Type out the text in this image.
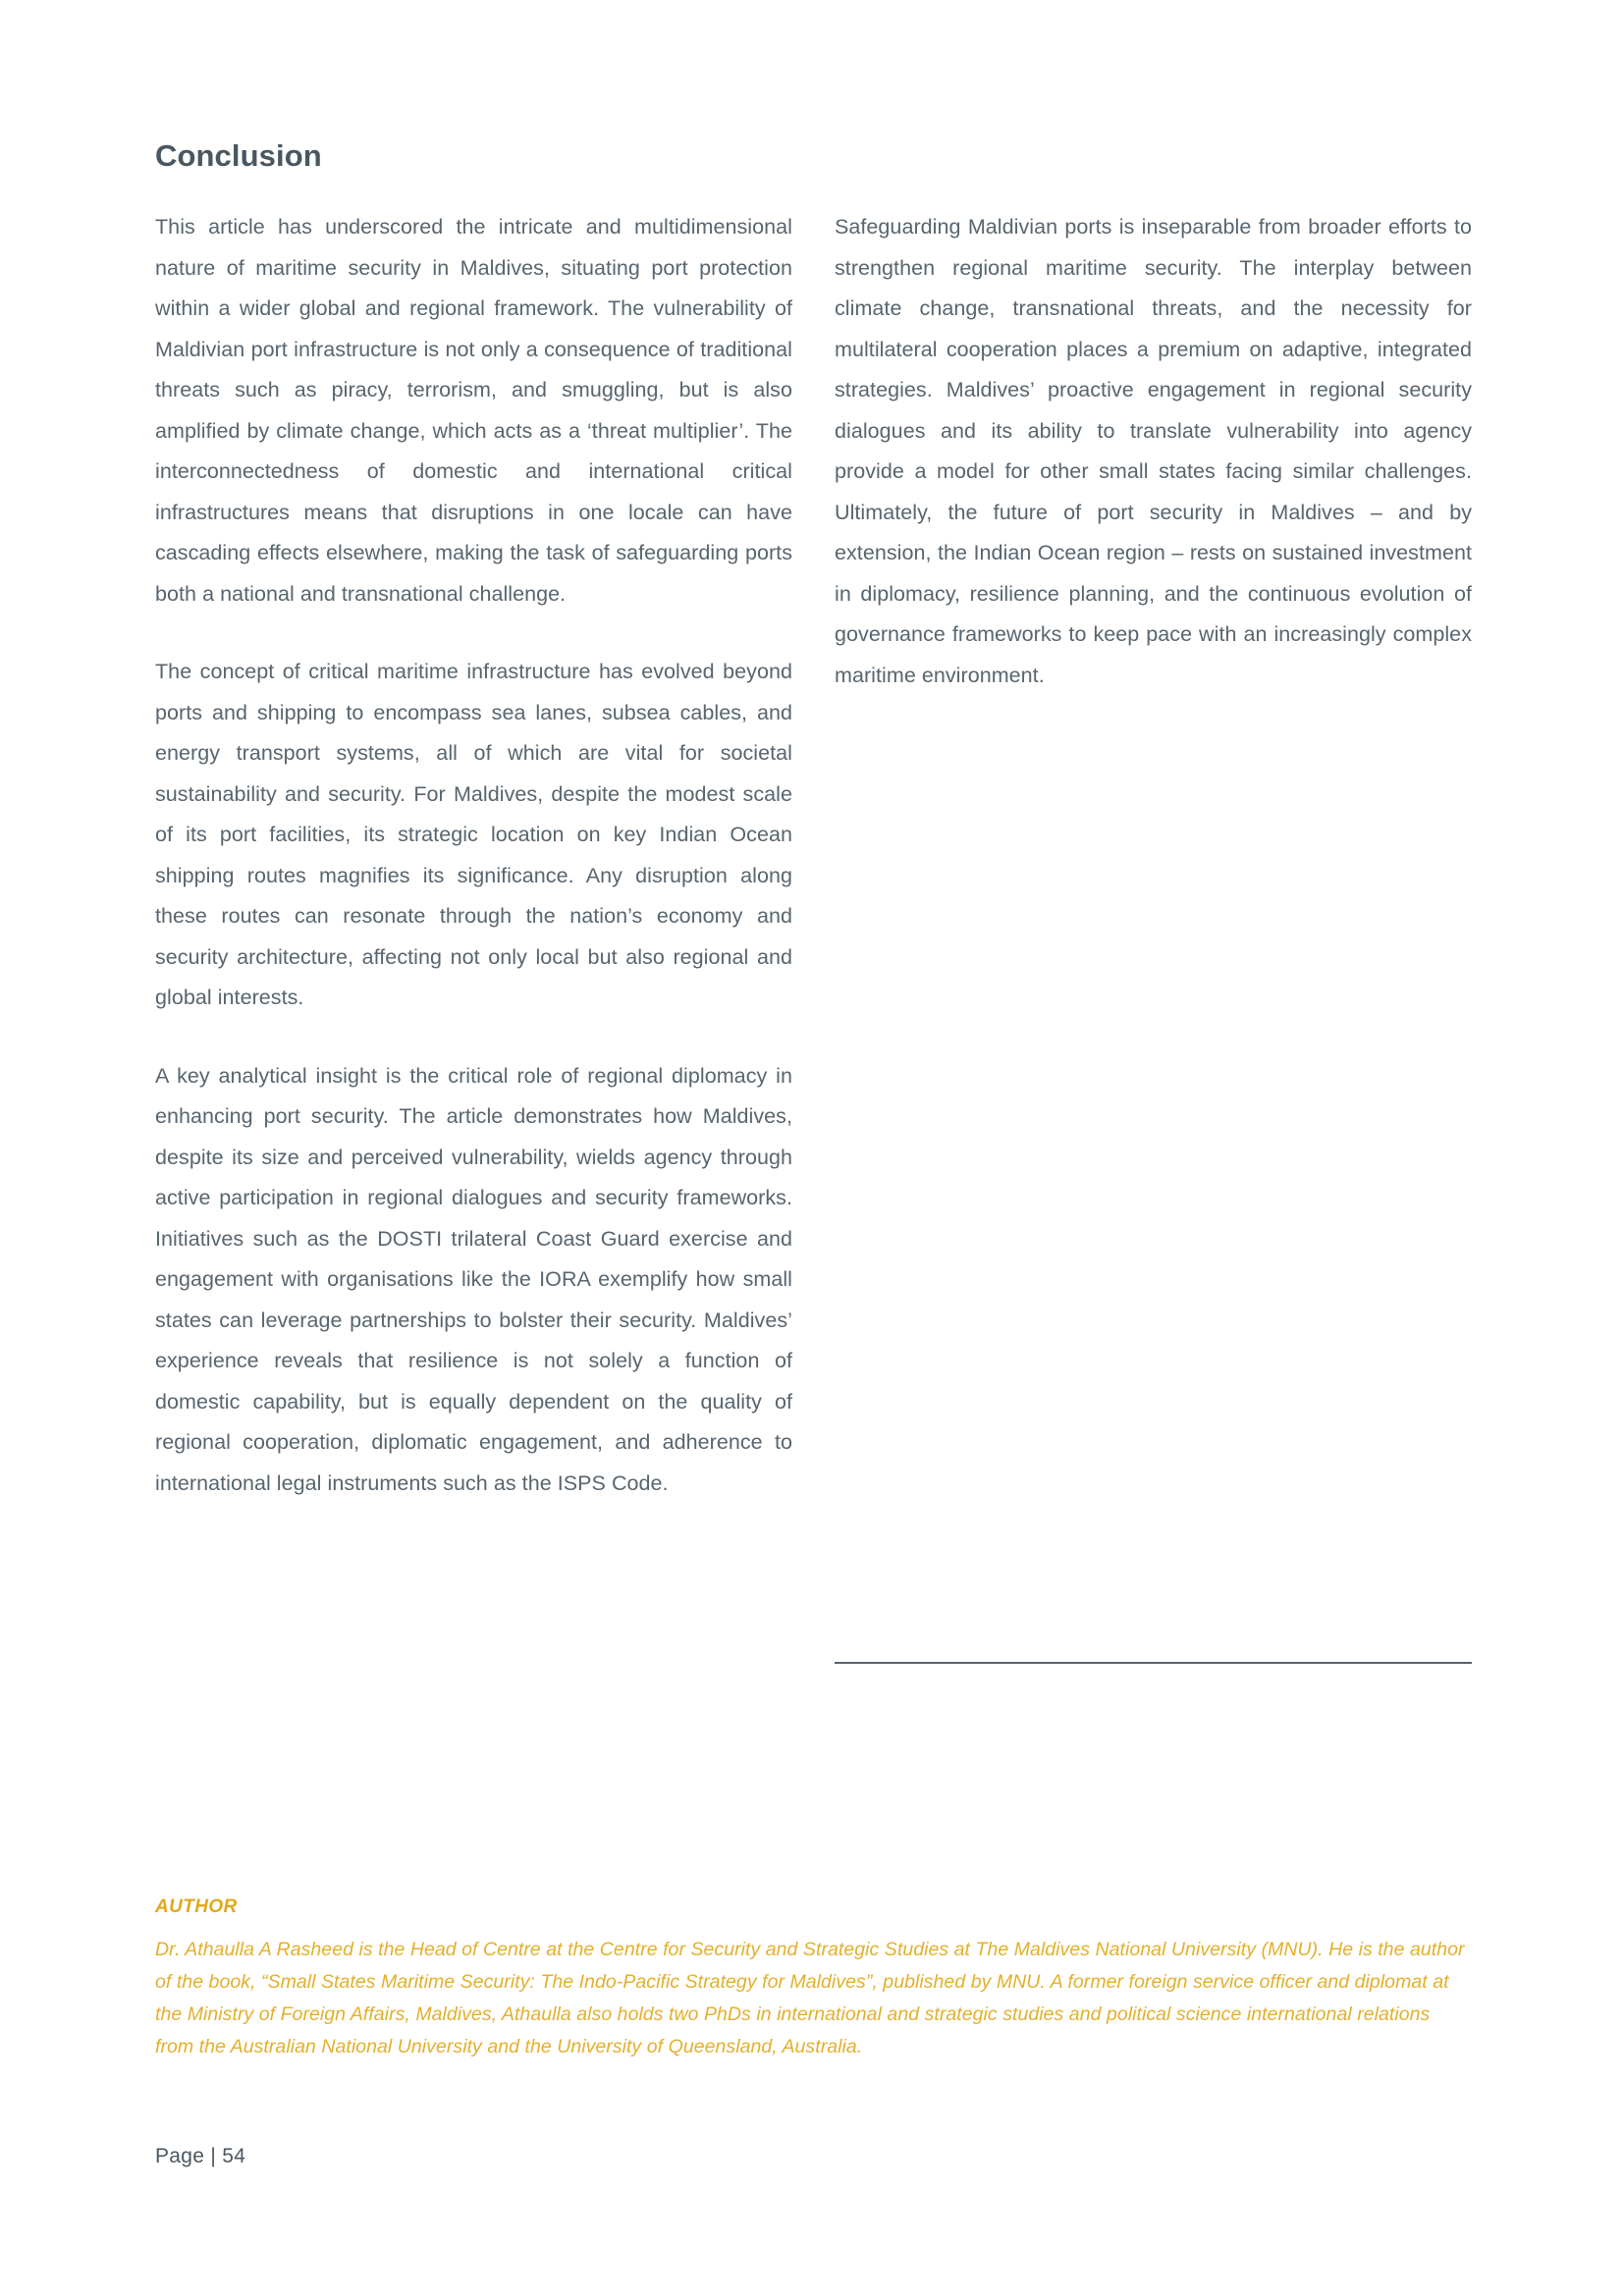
Conclusion

This article has underscored the intricate and multidimensional nature of maritime security in Maldives, situating port protection within a wider global and regional framework. The vulnerability of Maldivian port infrastructure is not only a consequence of traditional threats such as piracy, terrorism, and smuggling, but is also amplified by climate change, which acts as a ‘threat multiplier’. The interconnectedness of domestic and international critical infrastructures means that disruptions in one locale can have cascading effects elsewhere, making the task of safeguarding ports both a national and transnational challenge.

The concept of critical maritime infrastructure has evolved beyond ports and shipping to encompass sea lanes, subsea cables, and energy transport systems, all of which are vital for societal sustainability and security. For Maldives, despite the modest scale of its port facilities, its strategic location on key Indian Ocean shipping routes magnifies its significance. Any disruption along these routes can resonate through the nation’s economy and security architecture, affecting not only local but also regional and global interests.

A key analytical insight is the critical role of regional diplomacy in enhancing port security. The article demonstrates how Maldives, despite its size and perceived vulnerability, wields agency through active participation in regional dialogues and security frameworks. Initiatives such as the DOSTI trilateral Coast Guard exercise and engagement with organisations like the IORA exemplify how small states can leverage partnerships to bolster their security. Maldives’ experience reveals that resilience is not solely a function of domestic capability, but is equally dependent on the quality of regional cooperation, diplomatic engagement, and adherence to international legal instruments such as the ISPS Code.

Safeguarding Maldivian ports is inseparable from broader efforts to strengthen regional maritime security. The interplay between climate change, transnational threats, and the necessity for multilateral cooperation places a premium on adaptive, integrated strategies. Maldives’ proactive engagement in regional security dialogues and its ability to translate vulnerability into agency provide a model for other small states facing similar challenges. Ultimately, the future of port security in Maldives – and by extension, the Indian Ocean region – rests on sustained investment in diplomacy, resilience planning, and the continuous evolution of governance frameworks to keep pace with an increasingly complex maritime environment.

AUTHOR

Dr. Athaulla A Rasheed is the Head of Centre at the Centre for Security and Strategic Studies at The Maldives National University (MNU). He is the author of the book, “Small States Maritime Security: The Indo-Pacific Strategy for Maldives”, published by MNU. A former foreign service officer and diplomat at the Ministry of Foreign Affairs, Maldives, Athaulla also holds two PhDs in international and strategic studies and political science international relations from the Australian National University and the University of Queensland, Australia.

Page | 54
